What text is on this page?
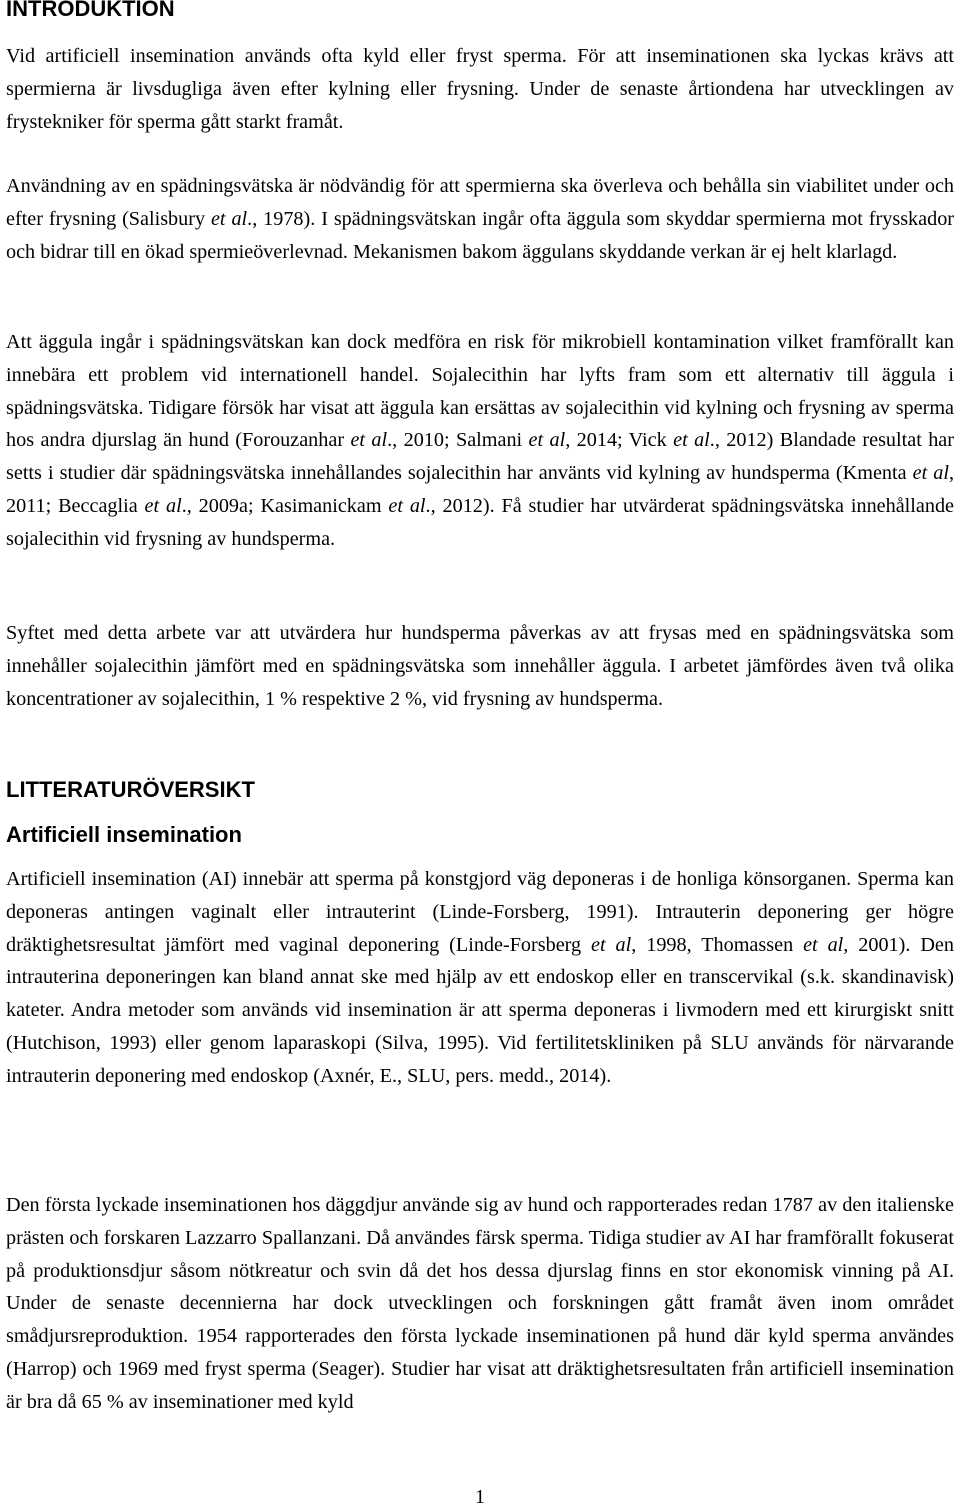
INTRODUKTION

Vid artificiell insemination används ofta kyld eller fryst sperma. För att inseminationen ska lyckas krävs att spermierna är livsdugliga även efter kylning eller frysning. Under de senaste årtiondena har utvecklingen av frystekniker för sperma gått starkt framåt.

Användning av en spädningsvätska är nödvändig för att spermierna ska överleva och behålla sin viabilitet under och efter frysning (Salisbury et al., 1978). I spädningsvätskan ingår ofta äggula som skyddar spermierna mot frysskador och bidrar till en ökad spermieöverlevnad. Mekanismen bakom äggulans skyddande verkan är ej helt klarlagd.

Att äggula ingår i spädningsvätskan kan dock medföra en risk för mikrobiell kontamination vilket framförallt kan innebära ett problem vid internationell handel. Sojalecithin har lyfts fram som ett alternativ till äggula i spädningsvätska. Tidigare försök har visat att äggula kan ersättas av sojalecithin vid kylning och frysning av sperma hos andra djurslag än hund (Forouzanhar et al., 2010; Salmani et al, 2014; Vick et al., 2012) Blandade resultat har setts i studier där spädningsvätska innehållandes sojalecithin har använts vid kylning av hundsperma (Kmenta et al, 2011; Beccaglia et al., 2009a; Kasimanickam et al., 2012). Få studier har utvärderat spädningsvätska innehållande sojalecithin vid frysning av hundsperma.

Syftet med detta arbete var att utvärdera hur hundsperma påverkas av att frysas med en spädningsvätska som innehåller sojalecithin jämfört med en spädningsvätska som innehåller äggula. I arbetet jämfördes även två olika koncentrationer av sojalecithin, 1 % respektive 2 %, vid frysning av hundsperma.

LITTERATURÖVERSIKT
Artificiell insemination

Artificiell insemination (AI) innebär att sperma på konstgjord väg deponeras i de honliga könsorganen. Sperma kan deponeras antingen vaginalt eller intrauterint (Linde-Forsberg, 1991). Intrauterin deponering ger högre dräktighetsresultat jämfört med vaginal deponering (Linde-Forsberg et al, 1998, Thomassen et al, 2001). Den intrauterina deponeringen kan bland annat ske med hjälp av ett endoskop eller en transcervikal (s.k. skandinavisk) kateter. Andra metoder som används vid insemination är att sperma deponeras i livmodern med ett kirurgiskt snitt (Hutchison, 1993) eller genom laparaskopi (Silva, 1995). Vid fertilitetskliniken på SLU används för närvarande intrauterin deponering med endoskop (Axnér, E., SLU, pers. medd., 2014).

Den första lyckade inseminationen hos däggdjur använde sig av hund och rapporterades redan 1787 av den italienske prästen och forskaren Lazzarro Spallanzani. Då användes färsk sperma. Tidiga studier av AI har framförallt fokuserat på produktionsdjur såsom nötkreatur och svin då det hos dessa djurslag finns en stor ekonomisk vinning på AI. Under de senaste decennierna har dock utvecklingen och forskningen gått framåt även inom området smådjursreproduktion. 1954 rapporterades den första lyckade inseminationen på hund där kyld sperma användes (Harrop) och 1969 med fryst sperma (Seager). Studier har visat att dräktighetsresultaten från artificiell insemination är bra då 65 % av inseminationer med kyld

1
